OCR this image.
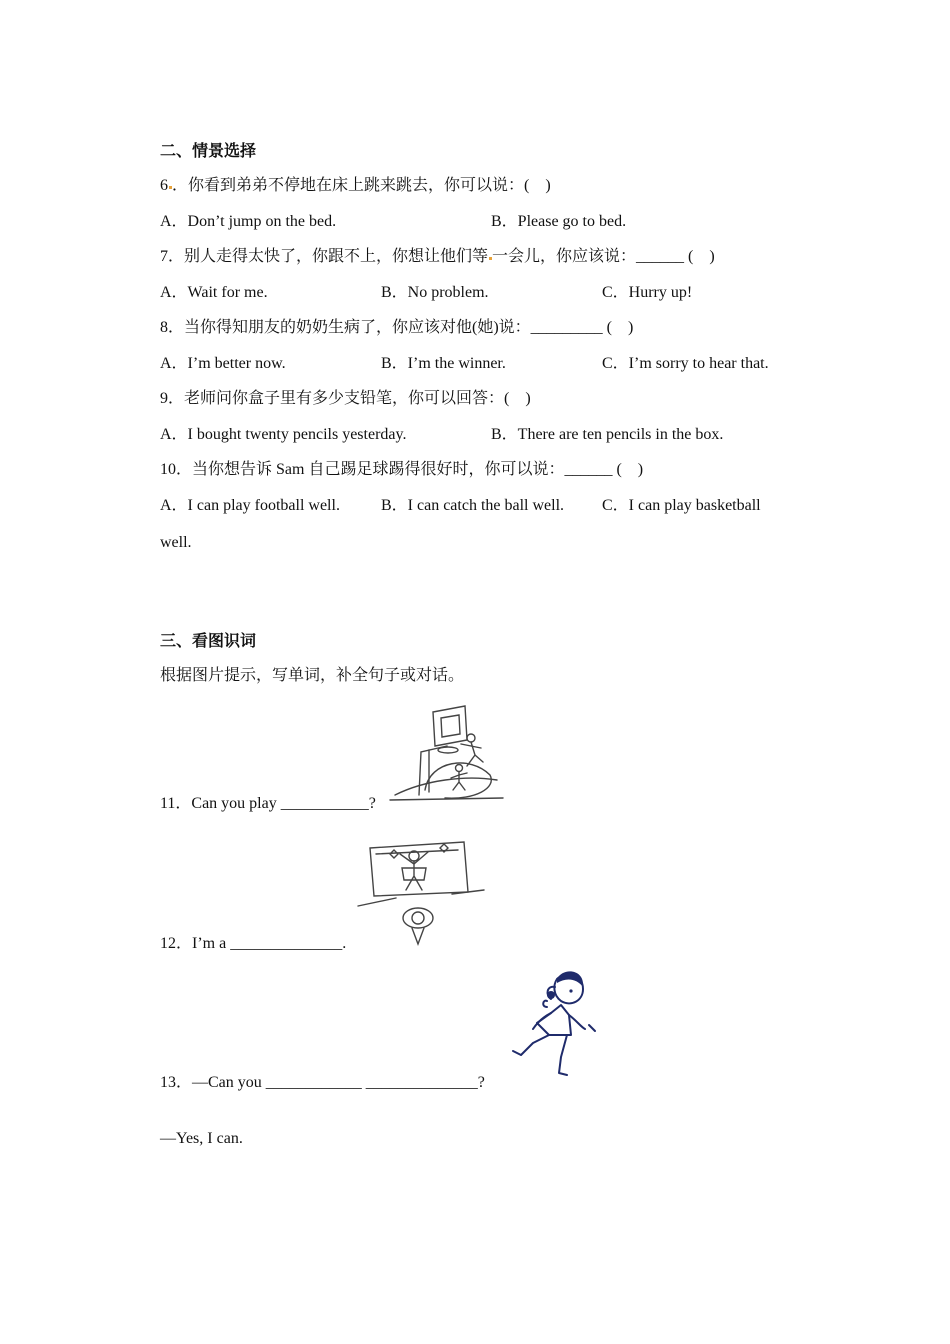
二、情景选择
6 ．你看到弟弟不停地在床上跳来跳去，你可以说：(　)
A．Don’t jump on the bed.	B．Please go to bed.
7．别人走得太快了，你跟不上，你想让他们等 一会儿，你应该说：______ (　)
A．Wait for me.	B．No problem.	C．Hurry up!
8．当你得知朋友的奶奶生病了，你应该对他(她)说：_________ (　)
A．I’m better now.	B．I’m the winner.	C．I’m sorry to hear that.
9．老师问你盒子里有多少支铅笔，你可以回答：(　)
A．I bought twenty pencils yesterday.	B．There are ten pencils in the box.
10．当你想告诉 Sam 自己踢足球踢得很好时，你可以说：______ (　)
A．I can play football well.	B．I can catch the ball well. C．I can play basketball
well.
三、看图识词
根据图片提示，写单词，补全句子或对话。
11．Can you play ___________?
12．I’m a ______________.
13．—Can you ____________ ______________?
—Yes, I can.
